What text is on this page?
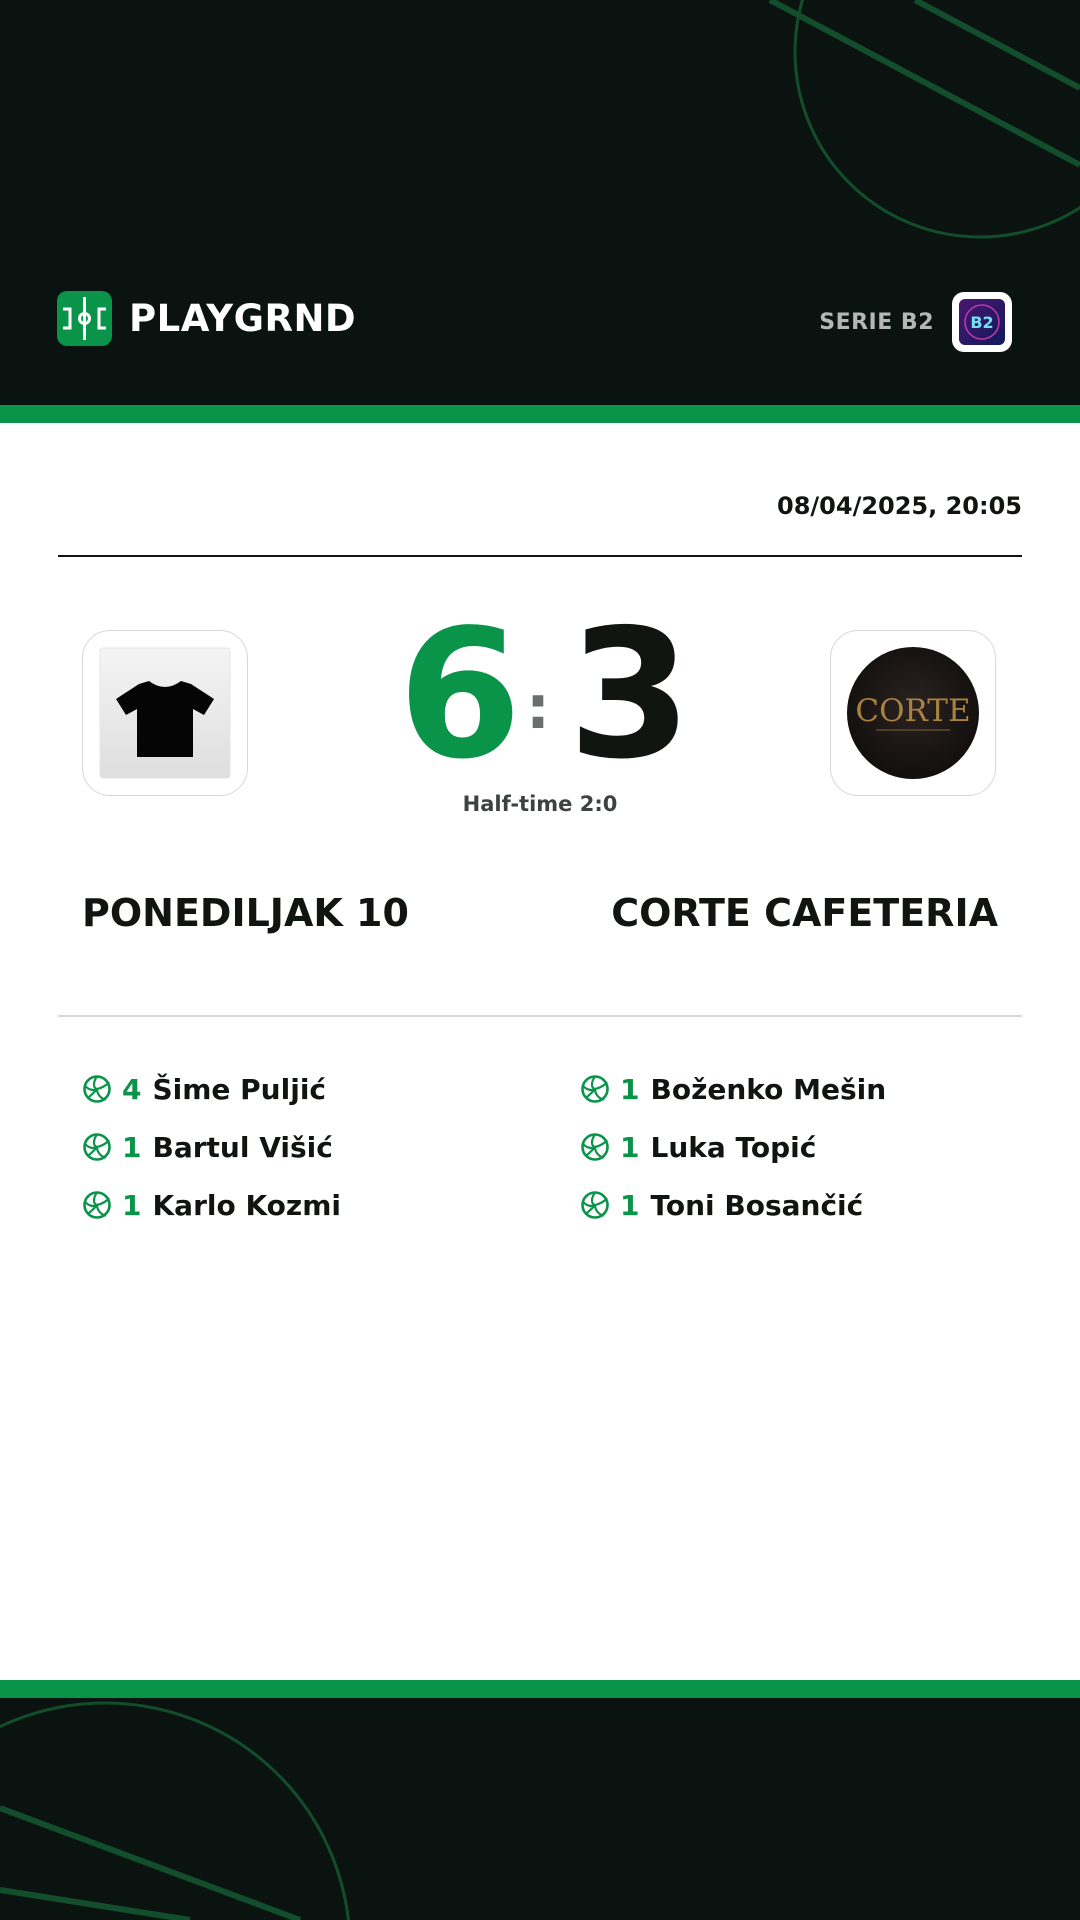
PLAYGRND	SERIE B2 B2
08/04/2025, 20:05
6 : 3	CORTE
Half-time 2:0
PONEDILJAK 10	CORTE CAFETERIA
4 Šime Puljić
1 Bartul Višić
1 Karlo Kozmi
1 Boženko Mešin
1 Luka Topić
1 Toni Bosančić
